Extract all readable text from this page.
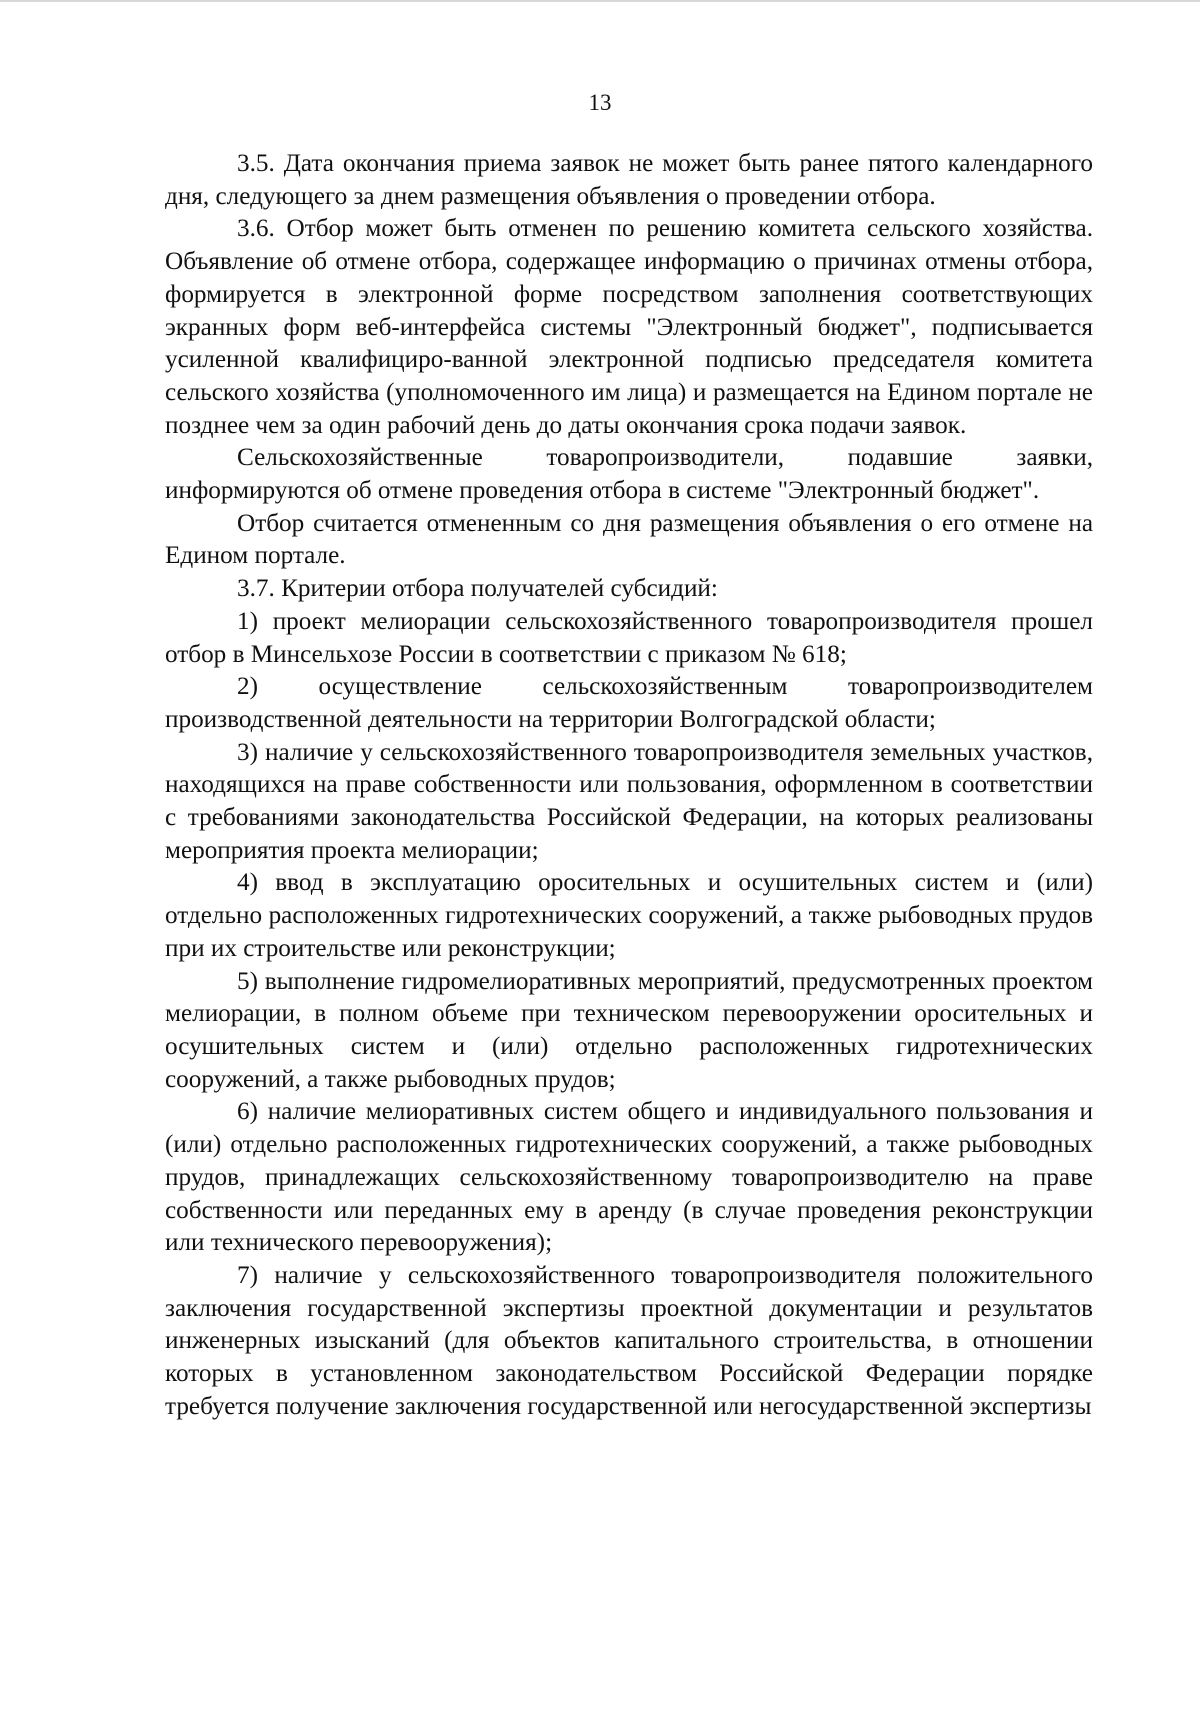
13

3.5. Дата окончания приема заявок не может быть ранее пятого календарного дня, следующего за днем размещения объявления о проведении отбора.

3.6. Отбор может быть отменен по решению комитета сельского хозяйства. Объявление об отмене отбора, содержащее информацию о причинах отмены отбора, формируется в электронной форме посредством заполнения соответствующих экранных форм веб-интерфейса системы "Электронный бюджет", подписывается усиленной квалифициро-ванной электронной подписью председателя комитета сельского хозяйства (уполномоченного им лица) и размещается на Едином портале не позднее чем за один рабочий день до даты окончания срока подачи заявок.

Сельскохозяйственные товаропроизводители, подавшие заявки, информируются об отмене проведения отбора в системе "Электронный бюджет".

Отбор считается отмененным со дня размещения объявления о его отмене на Едином портале.

3.7. Критерии отбора получателей субсидий:

1) проект мелиорации сельскохозяйственного товаропроизводителя прошел отбор в Минсельхозе России в соответствии с приказом № 618;

2) осуществление сельскохозяйственным товаропроизводителем производственной деятельности на территории Волгоградской области;

3) наличие у сельскохозяйственного товаропроизводителя земельных участков, находящихся на праве собственности или пользования, оформленном в соответствии с требованиями законодательства Российской Федерации, на которых реализованы мероприятия проекта мелиорации;

4) ввод в эксплуатацию оросительных и осушительных систем и (или) отдельно расположенных гидротехнических сооружений, а также рыбоводных прудов при их строительстве или реконструкции;

5) выполнение гидромелиоративных мероприятий, предусмотренных проектом мелиорации, в полном объеме при техническом перевооружении оросительных и осушительных систем и (или) отдельно расположенных гидротехнических сооружений, а также рыбоводных прудов;

6) наличие мелиоративных систем общего и индивидуального пользования и (или) отдельно расположенных гидротехнических сооружений, а также рыбоводных прудов, принадлежащих сельскохозяйственному товаропроизводителю на праве собственности или переданных ему в аренду (в случае проведения реконструкции или технического перевооружения);

7) наличие у сельскохозяйственного товаропроизводителя положительного заключения государственной экспертизы проектной документации и результатов инженерных изысканий (для объектов капитального строительства, в отношении которых в установленном законодательством Российской Федерации порядке требуется получение заключения государственной или негосударственной экспертизы
